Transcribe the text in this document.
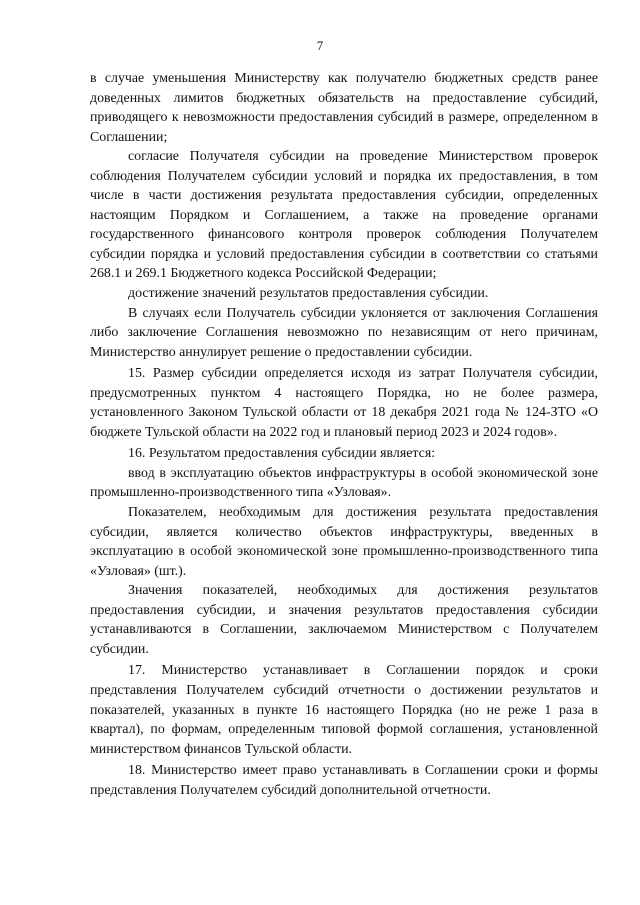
7

в случае уменьшения Министерству как получателю бюджетных средств ранее доведенных лимитов бюджетных обязательств на предоставление субсидий, приводящего к невозможности предоставления субсидий в размере, определенном в Соглашении;

согласие Получателя субсидии на проведение Министерством проверок соблюдения Получателем субсидии условий и порядка их предоставления, в том числе в части достижения результата предоставления субсидии, определенных настоящим Порядком и Соглашением, а также на проведение органами государственного финансового контроля проверок соблюдения Получателем субсидии порядка и условий предоставления субсидии в соответствии со статьями 268.1 и 269.1 Бюджетного кодекса Российской Федерации;

достижение значений результатов предоставления субсидии.

В случаях если Получатель субсидии уклоняется от заключения Соглашения либо заключение Соглашения невозможно по независящим от него причинам, Министерство аннулирует решение о предоставлении субсидии.

15. Размер субсидии определяется исходя из затрат Получателя субсидии, предусмотренных пунктом 4 настоящего Порядка, но не более размера, установленного Законом Тульской области от 18 декабря 2021 года № 124-ЗТО «О бюджете Тульской области на 2022 год и плановый период 2023 и 2024 годов».

16. Результатом предоставления субсидии является:

ввод в эксплуатацию объектов инфраструктуры в особой экономической зоне промышленно-производственного типа «Узловая».

Показателем, необходимым для достижения результата предоставления субсидии, является количество объектов инфраструктуры, введенных в эксплуатацию в особой экономической зоне промышленно-производственного типа «Узловая» (шт.).

Значения показателей, необходимых для достижения результатов предоставления субсидии, и значения результатов предоставления субсидии устанавливаются в Соглашении, заключаемом Министерством с Получателем субсидии.

17. Министерство устанавливает в Соглашении порядок и сроки представления Получателем субсидий отчетности о достижении результатов и показателей, указанных в пункте 16 настоящего Порядка (но не реже 1 раза в квартал), по формам, определенным типовой формой соглашения, установленной министерством финансов Тульской области.

18. Министерство имеет право устанавливать в Соглашении сроки и формы представления Получателем субсидий дополнительной отчетности.
